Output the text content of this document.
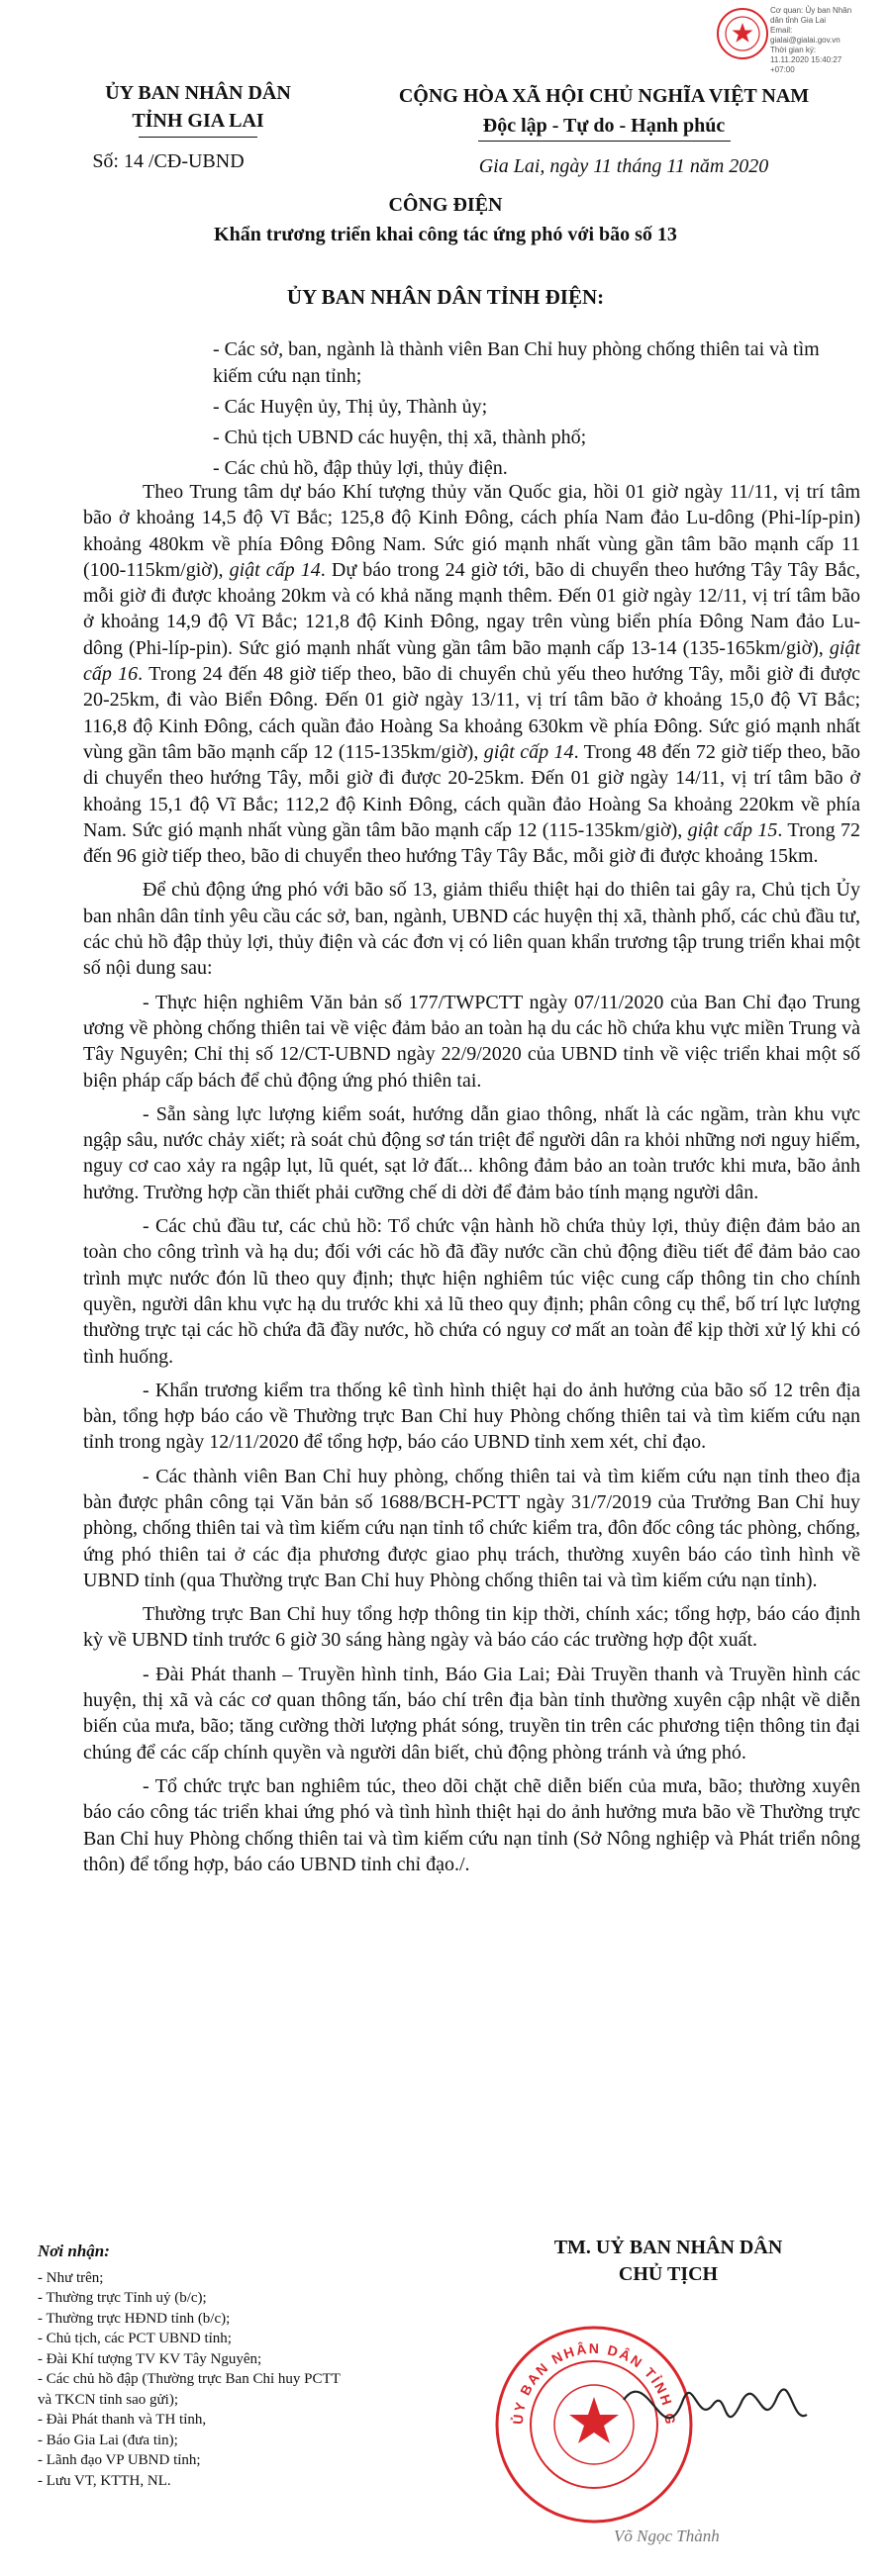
Cơ quan: Ủy ban Nhân
dân tỉnh Gia Lai
Email:
gialai@gialai.gov.vn
Thời gian ký:
11.11.2020 15:40:27
+07:00
ỦY BAN NHÂN DÂN
TỈNH GIA LAI
Số: 14 /CĐ-UBND
CỘNG HÒA XÃ HỘI CHỦ NGHĨA VIỆT NAM
Độc lập - Tự do - Hạnh phúc
Gia Lai, ngày 11 tháng 11 năm 2020
CÔNG ĐIỆN
Khẩn trương triển khai công tác ứng phó với bão số 13
ỦY BAN NHÂN DÂN TỈNH ĐIỆN:
- Các sở, ban, ngành là thành viên Ban Chỉ huy phòng chống thiên tai và tìm kiếm cứu nạn tỉnh;
- Các Huyện ủy, Thị ủy, Thành ủy;
- Chủ tịch UBND các huyện, thị xã, thành phố;
- Các chủ hồ, đập thủy lợi, thủy điện.

Theo Trung tâm dự báo Khí tượng thủy văn Quốc gia, hồi 01 giờ ngày 11/11, vị trí tâm bão ở khoảng 14,5 độ Vĩ Bắc; 125,8 độ Kinh Đông, cách phía Nam đảo Lu-dông (Phi-líp-pin) khoảng 480km về phía Đông Đông Nam. Sức gió mạnh nhất vùng gần tâm bão mạnh cấp 11 (100-115km/giờ), giật cấp 14. Dự báo trong 24 giờ tới, bão di chuyển theo hướng Tây Tây Bắc, mỗi giờ đi được khoảng 20km và có khả năng mạnh thêm. Đến 01 giờ ngày 12/11, vị trí tâm bão ở khoảng 14,9 độ Vĩ Bắc; 121,8 độ Kinh Đông, ngay trên vùng biển phía Đông Nam đảo Lu-dông (Phi-líp-pin). Sức gió mạnh nhất vùng gần tâm bão mạnh cấp 13-14 (135-165km/giờ), giật cấp 16. Trong 24 đến 48 giờ tiếp theo, bão di chuyển chủ yếu theo hướng Tây, mỗi giờ đi được 20-25km, đi vào Biển Đông. Đến 01 giờ ngày 13/11, vị trí tâm bão ở khoảng 15,0 độ Vĩ Bắc; 116,8 độ Kinh Đông, cách quần đảo Hoàng Sa khoảng 630km về phía Đông. Sức gió mạnh nhất vùng gần tâm bão mạnh cấp 12 (115-135km/giờ), giật cấp 14. Trong 48 đến 72 giờ tiếp theo, bão di chuyển theo hướng Tây, mỗi giờ đi được 20-25km. Đến 01 giờ ngày 14/11, vị trí tâm bão ở khoảng 15,1 độ Vĩ Bắc; 112,2 độ Kinh Đông, cách quần đảo Hoàng Sa khoảng 220km về phía Nam. Sức gió mạnh nhất vùng gần tâm bão mạnh cấp 12 (115-135km/giờ), giật cấp 15. Trong 72 đến 96 giờ tiếp theo, bão di chuyển theo hướng Tây Tây Bắc, mỗi giờ đi được khoảng 15km.

Để chủ động ứng phó với bão số 13, giảm thiểu thiệt hại do thiên tai gây ra, Chủ tịch Ủy ban nhân dân tỉnh yêu cầu các sở, ban, ngành, UBND các huyện thị xã, thành phố, các chủ đầu tư, các chủ hồ đập thủy lợi, thủy điện và các đơn vị có liên quan khẩn trương tập trung triển khai một số nội dung sau:

- Thực hiện nghiêm Văn bản số 177/TWPCTT ngày 07/11/2020 của Ban Chỉ đạo Trung ương về phòng chống thiên tai về việc đảm bảo an toàn hạ du các hồ chứa khu vực miền Trung và Tây Nguyên; Chỉ thị số 12/CT-UBND ngày 22/9/2020 của UBND tỉnh về việc triển khai một số biện pháp cấp bách để chủ động ứng phó thiên tai.

- Sẵn sàng lực lượng kiểm soát, hướng dẫn giao thông, nhất là các ngầm, tràn khu vực ngập sâu, nước chảy xiết; rà soát chủ động sơ tán triệt để người dân ra khỏi những nơi nguy hiểm, nguy cơ cao xảy ra ngập lụt, lũ quét, sạt lở đất... không đảm bảo an toàn trước khi mưa, bão ảnh hưởng. Trường hợp cần thiết phải cưỡng chế di dời để đảm bảo tính mạng người dân.

- Các chủ đầu tư, các chủ hồ: Tổ chức vận hành hồ chứa thủy lợi, thủy điện đảm bảo an toàn cho công trình và hạ du; đối với các hồ đã đầy nước cần chủ động điều tiết để đảm bảo cao trình mực nước đón lũ theo quy định; thực hiện nghiêm túc việc cung cấp thông tin cho chính quyền, người dân khu vực hạ du trước khi xả lũ theo quy định; phân công cụ thể, bố trí lực lượng thường trực tại các hồ chứa đã đầy nước, hồ chứa có nguy cơ mất an toàn để kịp thời xử lý khi có tình huống.

- Khẩn trương kiểm tra thống kê tình hình thiệt hại do ảnh hưởng của bão số 12 trên địa bàn, tổng hợp báo cáo về Thường trực Ban Chỉ huy Phòng chống thiên tai và tìm kiếm cứu nạn tỉnh trong ngày 12/11/2020 để tổng hợp, báo cáo UBND tỉnh xem xét, chỉ đạo.

- Các thành viên Ban Chỉ huy phòng, chống thiên tai và tìm kiếm cứu nạn tỉnh theo địa bàn được phân công tại Văn bản số 1688/BCH-PCTT ngày 31/7/2019 của Trưởng Ban Chỉ huy phòng, chống thiên tai và tìm kiếm cứu nạn tỉnh tổ chức kiểm tra, đôn đốc công tác phòng, chống, ứng phó thiên tai ở các địa phương được giao phụ trách, thường xuyên báo cáo tình hình về UBND tỉnh (qua Thường trực Ban Chỉ huy Phòng chống thiên tai và tìm kiếm cứu nạn tỉnh).

Thường trực Ban Chỉ huy tổng hợp thông tin kịp thời, chính xác; tổng hợp, báo cáo định kỳ về UBND tỉnh trước 6 giờ 30 sáng hàng ngày và báo cáo các trường hợp đột xuất.

- Đài Phát thanh – Truyền hình tỉnh, Báo Gia Lai; Đài Truyền thanh và Truyền hình các huyện, thị xã và các cơ quan thông tấn, báo chí trên địa bàn tỉnh thường xuyên cập nhật về diễn biến của mưa, bão; tăng cường thời lượng phát sóng, truyền tin trên các phương tiện thông tin đại chúng để các cấp chính quyền và người dân biết, chủ động phòng tránh và ứng phó.

- Tổ chức trực ban nghiêm túc, theo dõi chặt chẽ diễn biến của mưa, bão; thường xuyên báo cáo công tác triển khai ứng phó và tình hình thiệt hại do ảnh hưởng mưa bão về Thường trực Ban Chỉ huy Phòng chống thiên tai và tìm kiếm cứu nạn tỉnh (Sở Nông nghiệp và Phát triển nông thôn) để tổng hợp, báo cáo UBND tỉnh chỉ đạo./.

Nơi nhận:
- Như trên;
- Thường trực Tỉnh uỷ (b/c);
- Thường trực HĐND tỉnh (b/c);
- Chủ tịch, các PCT UBND tỉnh;
- Đài Khí tượng TV KV Tây Nguyên;
- Các chủ hồ đập (Thường trực Ban Chỉ huy PCTT và TKCN tỉnh sao gửi);
- Đài Phát thanh và TH tỉnh,
- Báo Gia Lai (đưa tin);
- Lãnh đạo VP UBND tỉnh;
- Lưu VT, KTTH, NL.
TM. UỶ BAN NHÂN DÂN
CHỦ TỊCH
ỦY BAN NHÂN DÂN TỈNH G
Võ Ngọc Thành
